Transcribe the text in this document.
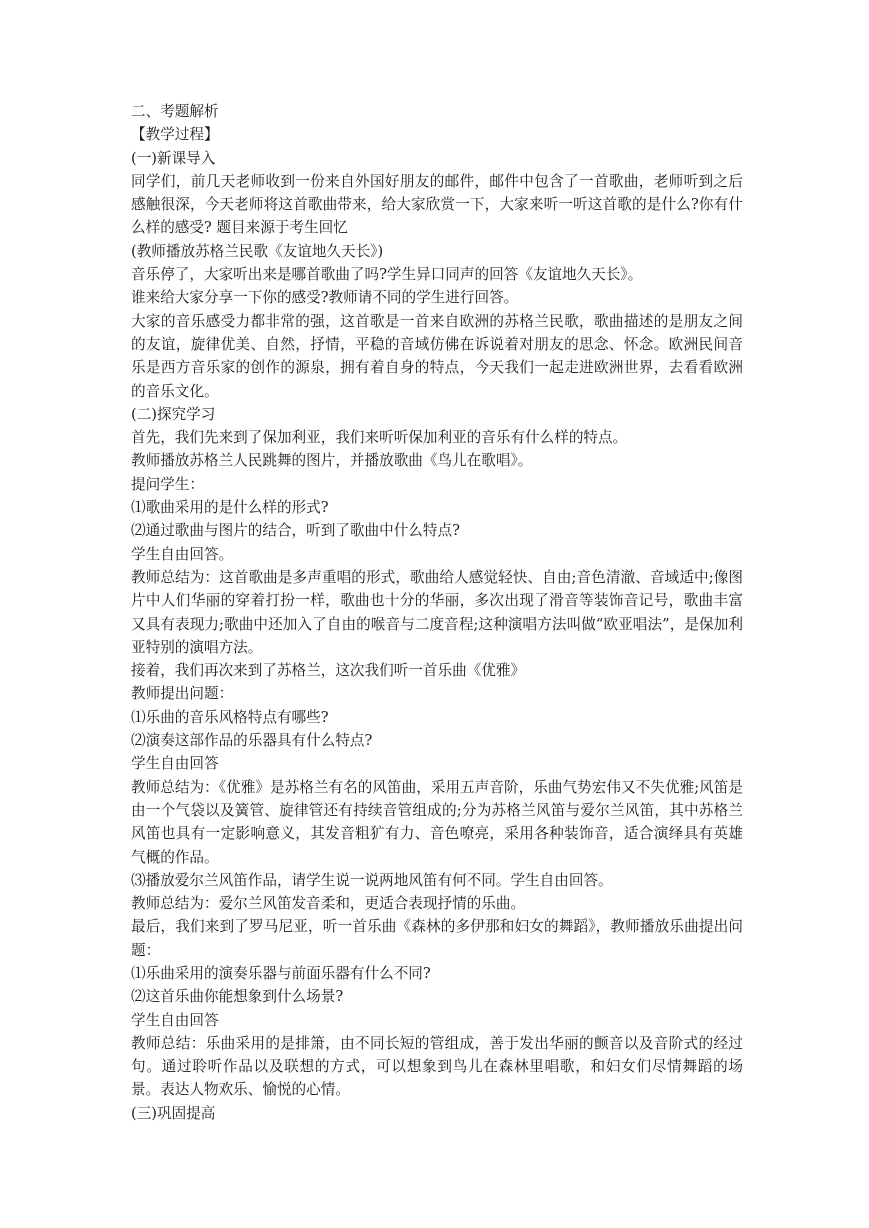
二、考题解析

【教学过程】

(一)新课导入

同学们，前几天老师收到一份来自外国好朋友的邮件，邮件中包含了一首歌曲，老师听到之后感触很深，今天老师将这首歌曲带来，给大家欣赏一下，大家来听一听这首歌的是什么?你有什么样的感受? 题目来源于考生回忆

(教师播放苏格兰民歌《友谊地久天长》)

音乐停了，大家听出来是哪首歌曲了吗?学生异口同声的回答《友谊地久天长》。

谁来给大家分享一下你的感受?教师请不同的学生进行回答。

大家的音乐感受力都非常的强，这首歌是一首来自欧洲的苏格兰民歌，歌曲描述的是朋友之间的友谊，旋律优美、自然，抒情，平稳的音域仿佛在诉说着对朋友的思念、怀念。欧洲民间音乐是西方音乐家的创作的源泉，拥有着自身的特点，今天我们一起走进欧洲世界，去看看欧洲的音乐文化。

(二)探究学习

首先，我们先来到了保加利亚，我们来听听保加利亚的音乐有什么样的特点。

教师播放苏格兰人民跳舞的图片，并播放歌曲《鸟儿在歌唱》。

提问学生：

⑴歌曲采用的是什么样的形式?

⑵通过歌曲与图片的结合，听到了歌曲中什么特点?

学生自由回答。

教师总结为：这首歌曲是多声重唱的形式，歌曲给人感觉轻快、自由;音色清澈、音域适中;像图片中人们华丽的穿着打扮一样，歌曲也十分的华丽，多次出现了滑音等装饰音记号，歌曲丰富又具有表现力;歌曲中还加入了自由的喉音与二度音程;这种演唱方法叫做“欧亚唱法”，是保加利亚特别的演唱方法。

接着，我们再次来到了苏格兰，这次我们听一首乐曲《优雅》

教师提出问题：

⑴乐曲的音乐风格特点有哪些?

⑵演奏这部作品的乐器具有什么特点?

学生自由回答

教师总结为：《优雅》是苏格兰有名的风笛曲，采用五声音阶，乐曲气势宏伟又不失优雅;风笛是由一个气袋以及簧管、旋律管还有持续音管组成的;分为苏格兰风笛与爱尔兰风笛，其中苏格兰风笛也具有一定影响意义，其发音粗犷有力、音色嘹亮，采用各种装饰音，适合演绎具有英雄气概的作品。

⑶播放爱尔兰风笛作品，请学生说一说两地风笛有何不同。学生自由回答。

教师总结为：爱尔兰风笛发音柔和，更适合表现抒情的乐曲。

最后，我们来到了罗马尼亚，听一首乐曲《森林的多伊那和妇女的舞蹈》，教师播放乐曲提出问题：

⑴乐曲采用的演奏乐器与前面乐器有什么不同?

⑵这首乐曲你能想象到什么场景?

学生自由回答

教师总结：乐曲采用的是排箫，由不同长短的管组成，善于发出华丽的颤音以及音阶式的经过句。通过聆听作品以及联想的方式，可以想象到鸟儿在森林里唱歌，和妇女们尽情舞蹈的场景。表达人物欢乐、愉悦的心情。

(三)巩固提高
